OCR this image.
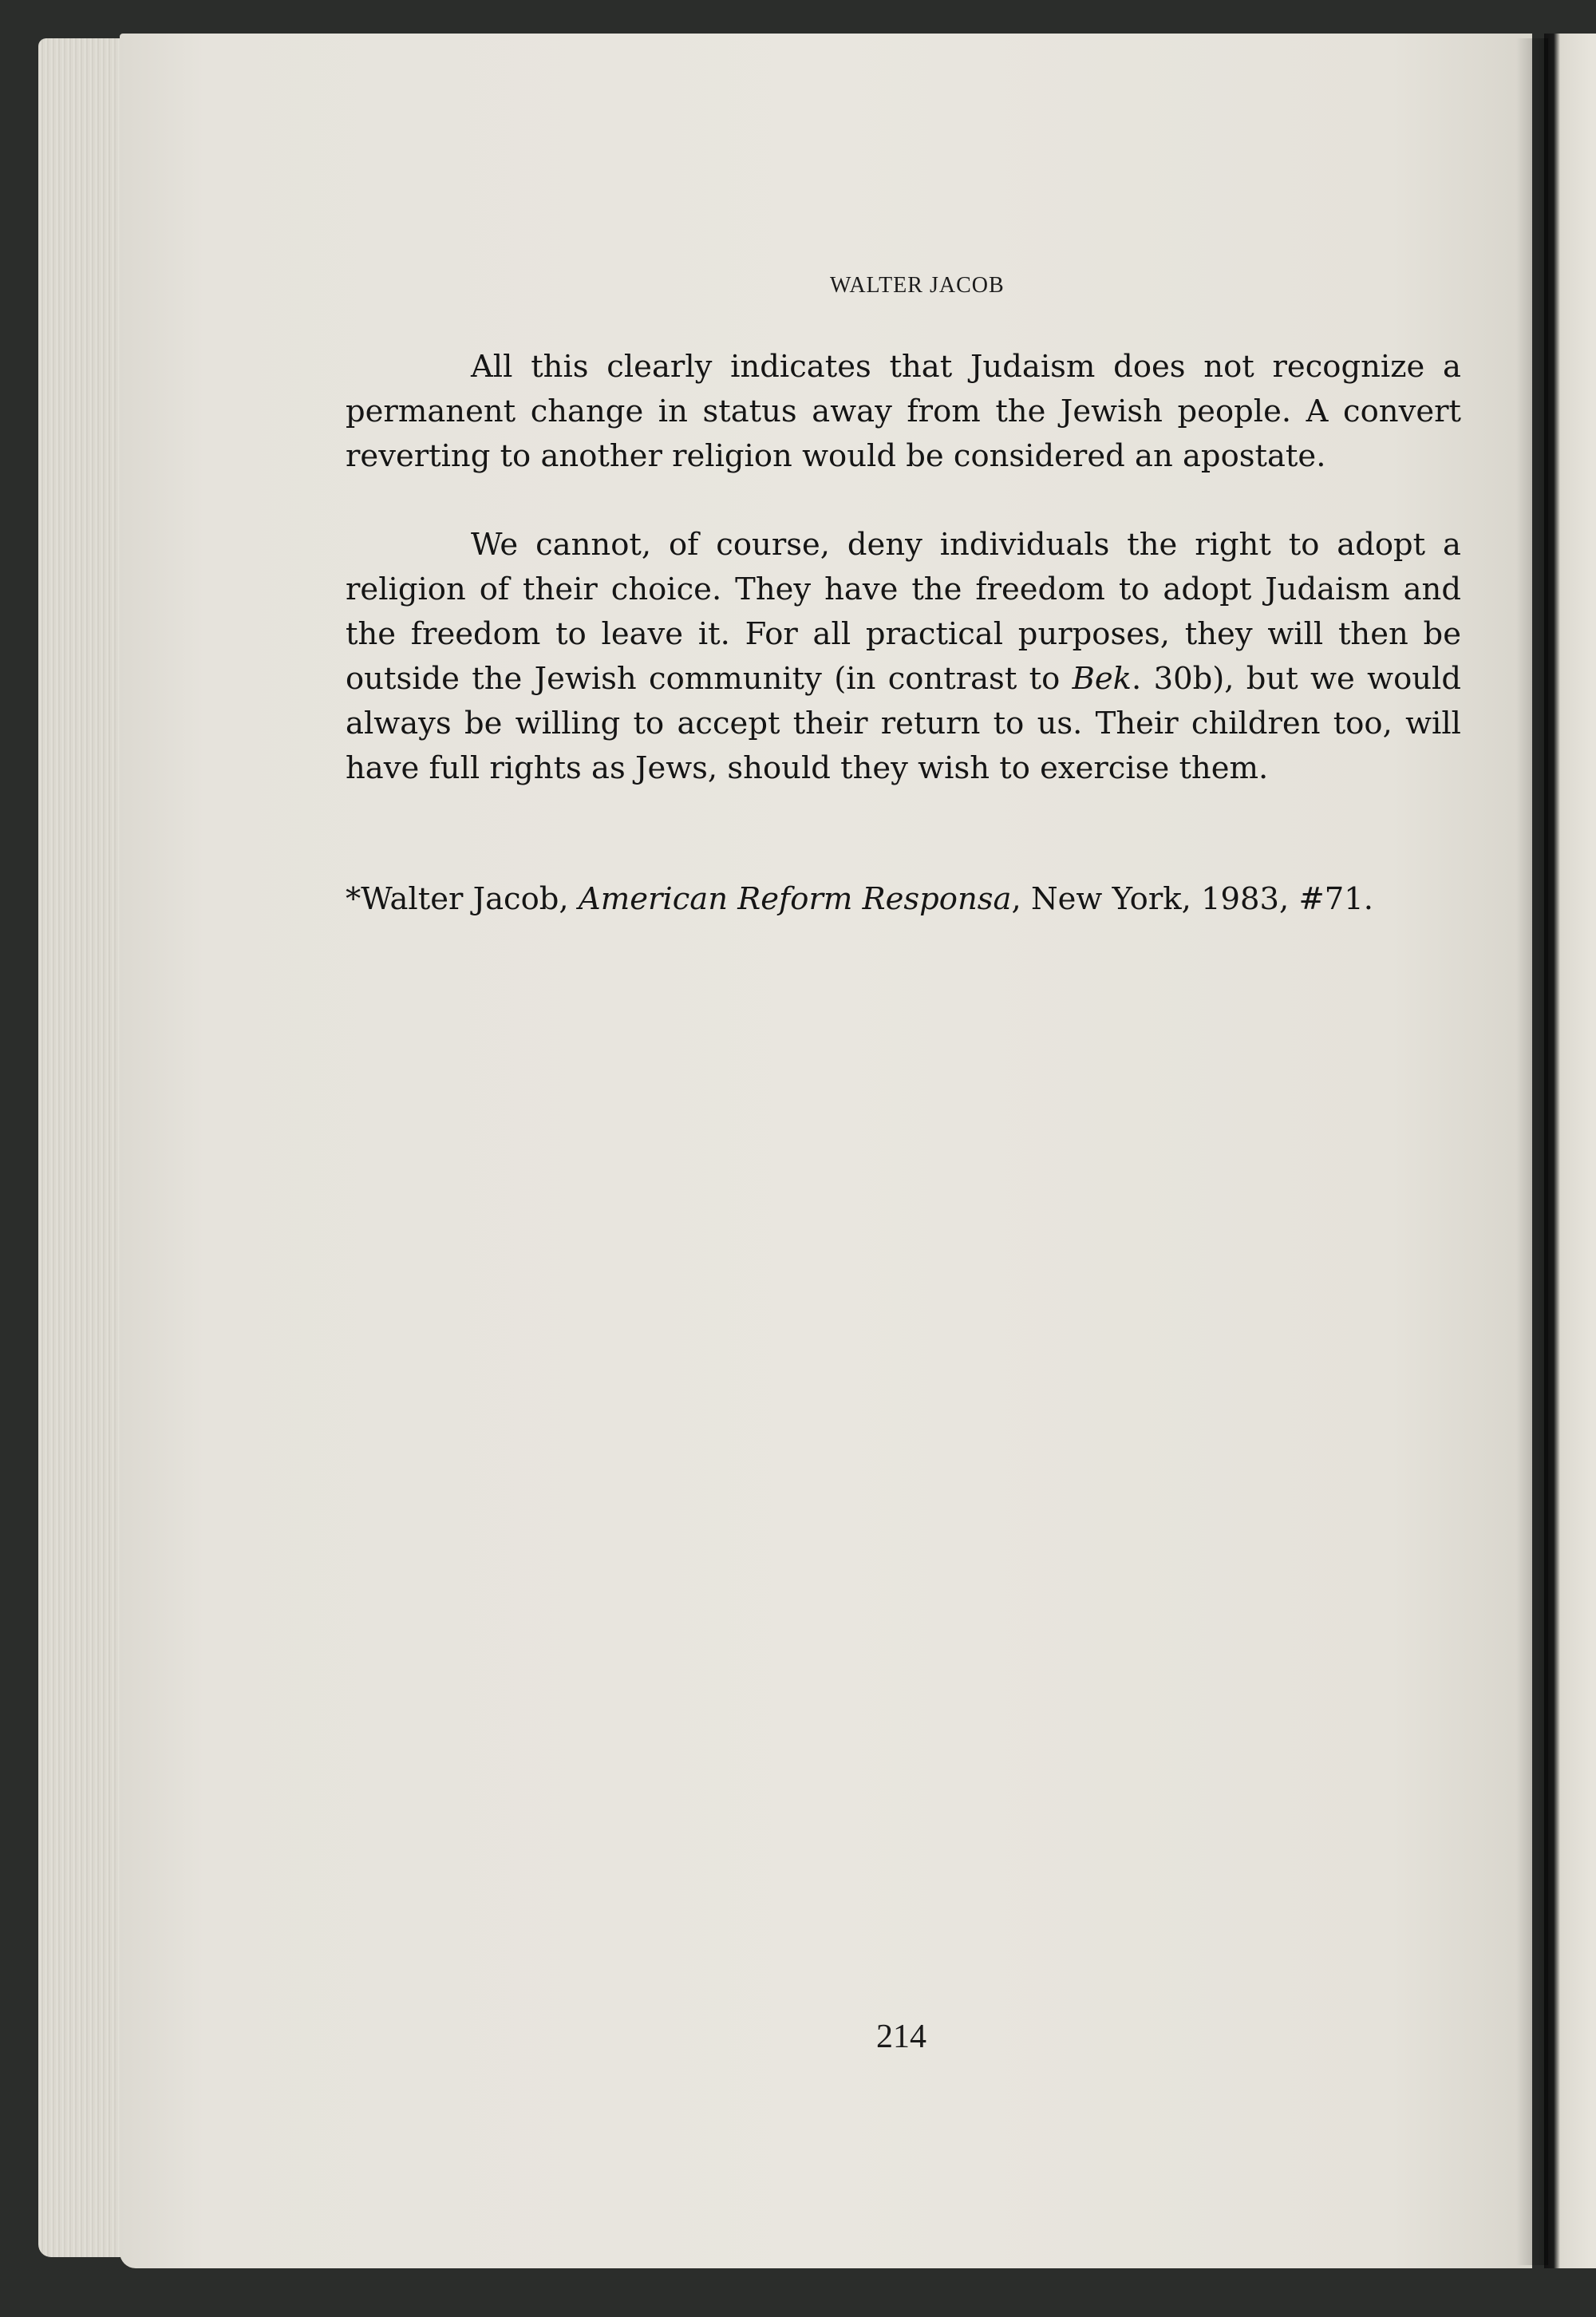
WALTER JACOB

All this clearly indicates that Judaism does not recognize a permanent change in status away from the Jewish people. A convert reverting to another religion would be considered an apostate.

We cannot, of course, deny individuals the right to adopt a religion of their choice. They have the freedom to adopt Judaism and the freedom to leave it. For all practical purposes, they will then be outside the Jewish community (in contrast to Bek. 30b), but we would always be willing to accept their return to us. Their children too, will have full rights as Jews, should they wish to exercise them.

*Walter Jacob, American Reform Responsa, New York, 1983, #71.

214
